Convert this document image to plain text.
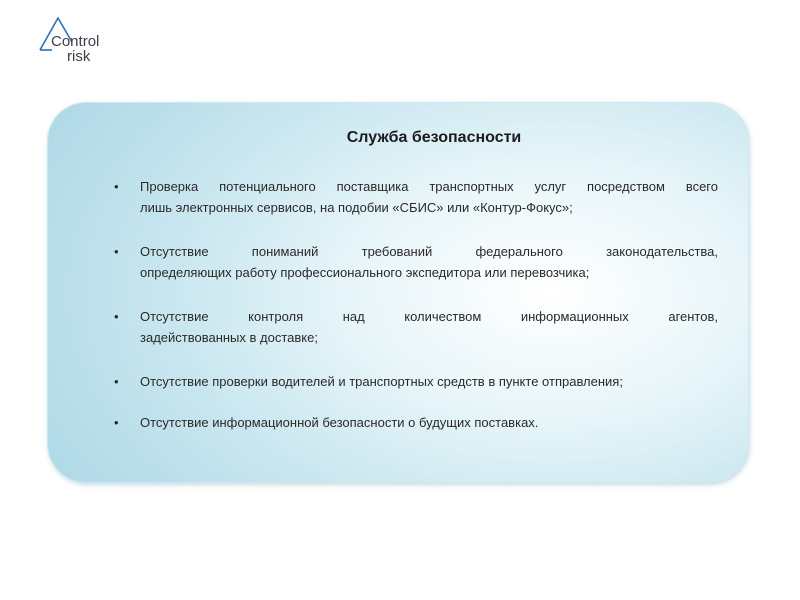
Control
risk
Служба безопасности
• Проверка потенциального поставщика транспортных услуг посредством всего
лишь электронных сервисов, на подобии «СБИС» или «Контур-Фокус»;
• Отсутствие пониманий требований федерального законодательства,
определяющих работу профессионального экспедитора или перевозчика;
• Отсутствие контроля над количеством информационных агентов,
задействованных в доставке;
• Отсутствие проверки водителей и транспортных средств в пункте отправления;
• Отсутствие информационной безопасности о будущих поставках.
